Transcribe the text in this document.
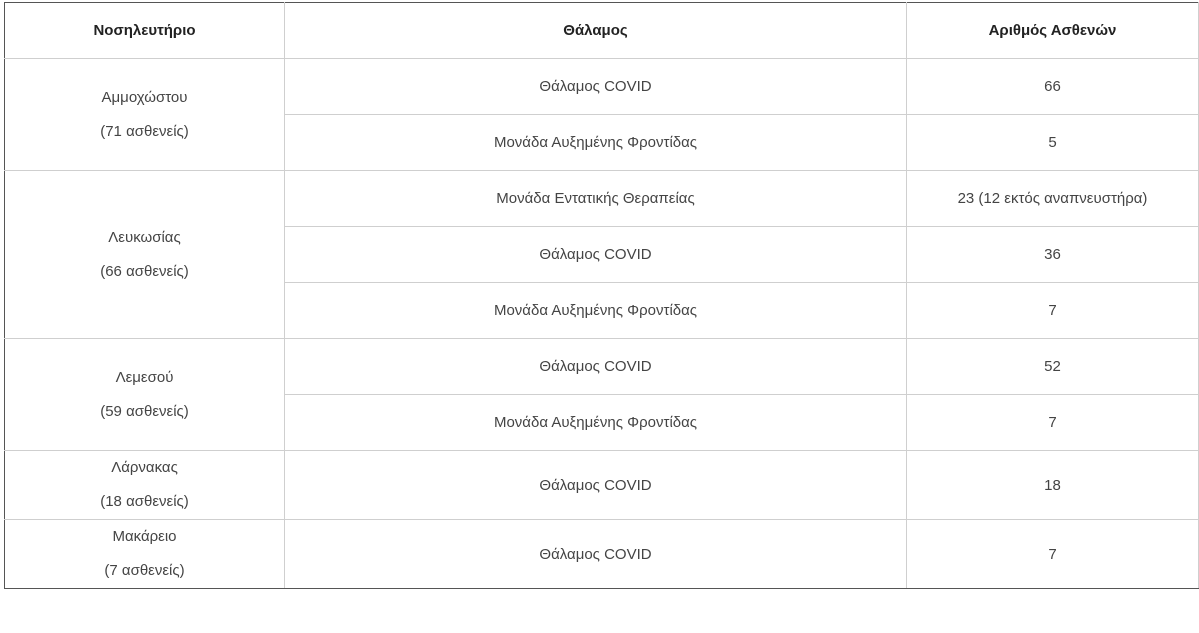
Νοσηλευτήριο	Θάλαμος	Αριθμός Ασθενών

Αμμοχώστου
(71 ασθενείς)	Θάλαμος COVID	66
	Μονάδα Αυξημένης Φροντίδας	5

Λευκωσίας
(66 ασθενείς)	Μονάδα Εντατικής Θεραπείας	23 (12 εκτός αναπνευστήρα)
	Θάλαμος COVID	36
	Μονάδα Αυξημένης Φροντίδας	7

Λεμεσού
(59 ασθενείς)	Θάλαμος COVID	52
	Μονάδα Αυξημένης Φροντίδας	7

Λάρνακας
(18 ασθενείς)	Θάλαμος COVID	18

Μακάρειο
(7 ασθενείς)	Θάλαμος COVID	7
